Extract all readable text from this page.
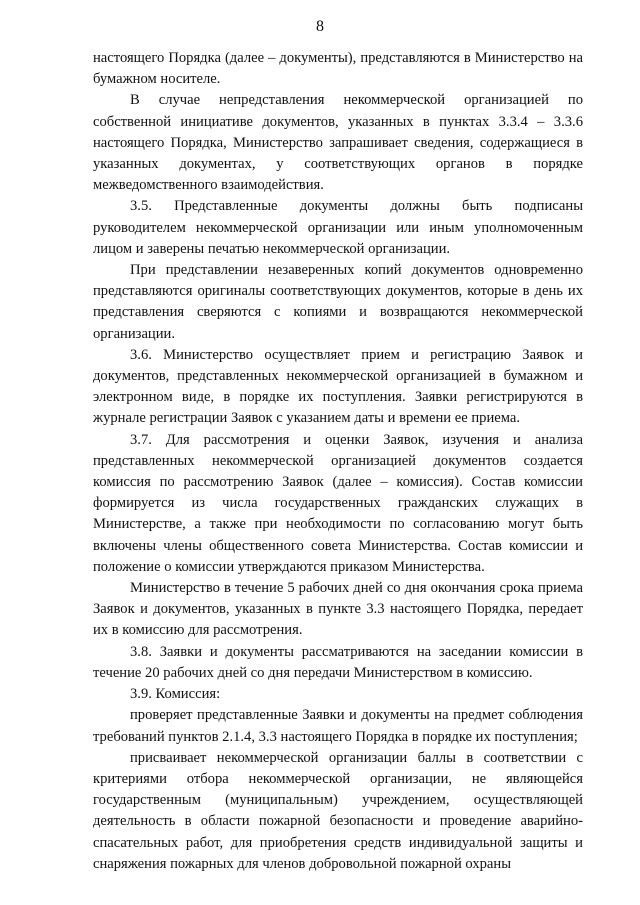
8

настоящего Порядка (далее – документы), представляются в Министерство на бумажном носителе.

В случае непредставления некоммерческой организацией по собственной инициативе документов, указанных в пунктах 3.3.4 – 3.3.6 настоящего Порядка, Министерство запрашивает сведения, содержащиеся в указанных документах, у соответствующих органов в порядке межведомственного взаимодействия.

3.5. Представленные документы должны быть подписаны руководителем некоммерческой организации или иным уполномоченным лицом и заверены печатью некоммерческой организации.

При представлении незаверенных копий документов одновременно представляются оригиналы соответствующих документов, которые в день их представления сверяются с копиями и возвращаются некоммерческой организации.

3.6. Министерство осуществляет прием и регистрацию Заявок и документов, представленных некоммерческой организацией в бумажном и электронном виде, в порядке их поступления. Заявки регистрируются в журнале регистрации Заявок с указанием даты и времени ее приема.

3.7. Для рассмотрения и оценки Заявок, изучения и анализа представленных некоммерческой организацией документов создается комиссия по рассмотрению Заявок (далее – комиссия). Состав комиссии формируется из числа государственных гражданских служащих в Министерстве, а также при необходимости по согласованию могут быть включены члены общественного совета Министерства. Состав комиссии и положение о комиссии утверждаются приказом Министерства.

Министерство в течение 5 рабочих дней со дня окончания срока приема Заявок и документов, указанных в пункте 3.3 настоящего Порядка, передает их в комиссию для рассмотрения.

3.8. Заявки и документы рассматриваются на заседании комиссии в течение 20 рабочих дней со дня передачи Министерством в комиссию.

3.9. Комиссия:

проверяет представленные Заявки и документы на предмет соблюдения требований пунктов 2.1.4, 3.3 настоящего Порядка в порядке их поступления;

присваивает некоммерческой организации баллы в соответствии с критериями отбора некоммерческой организации, не являющейся государственным (муниципальным) учреждением, осуществляющей деятельность в области пожарной безопасности и проведение аварийно-спасательных работ, для приобретения средств индивидуальной защиты и снаряжения пожарных для членов добровольной пожарной охраны
